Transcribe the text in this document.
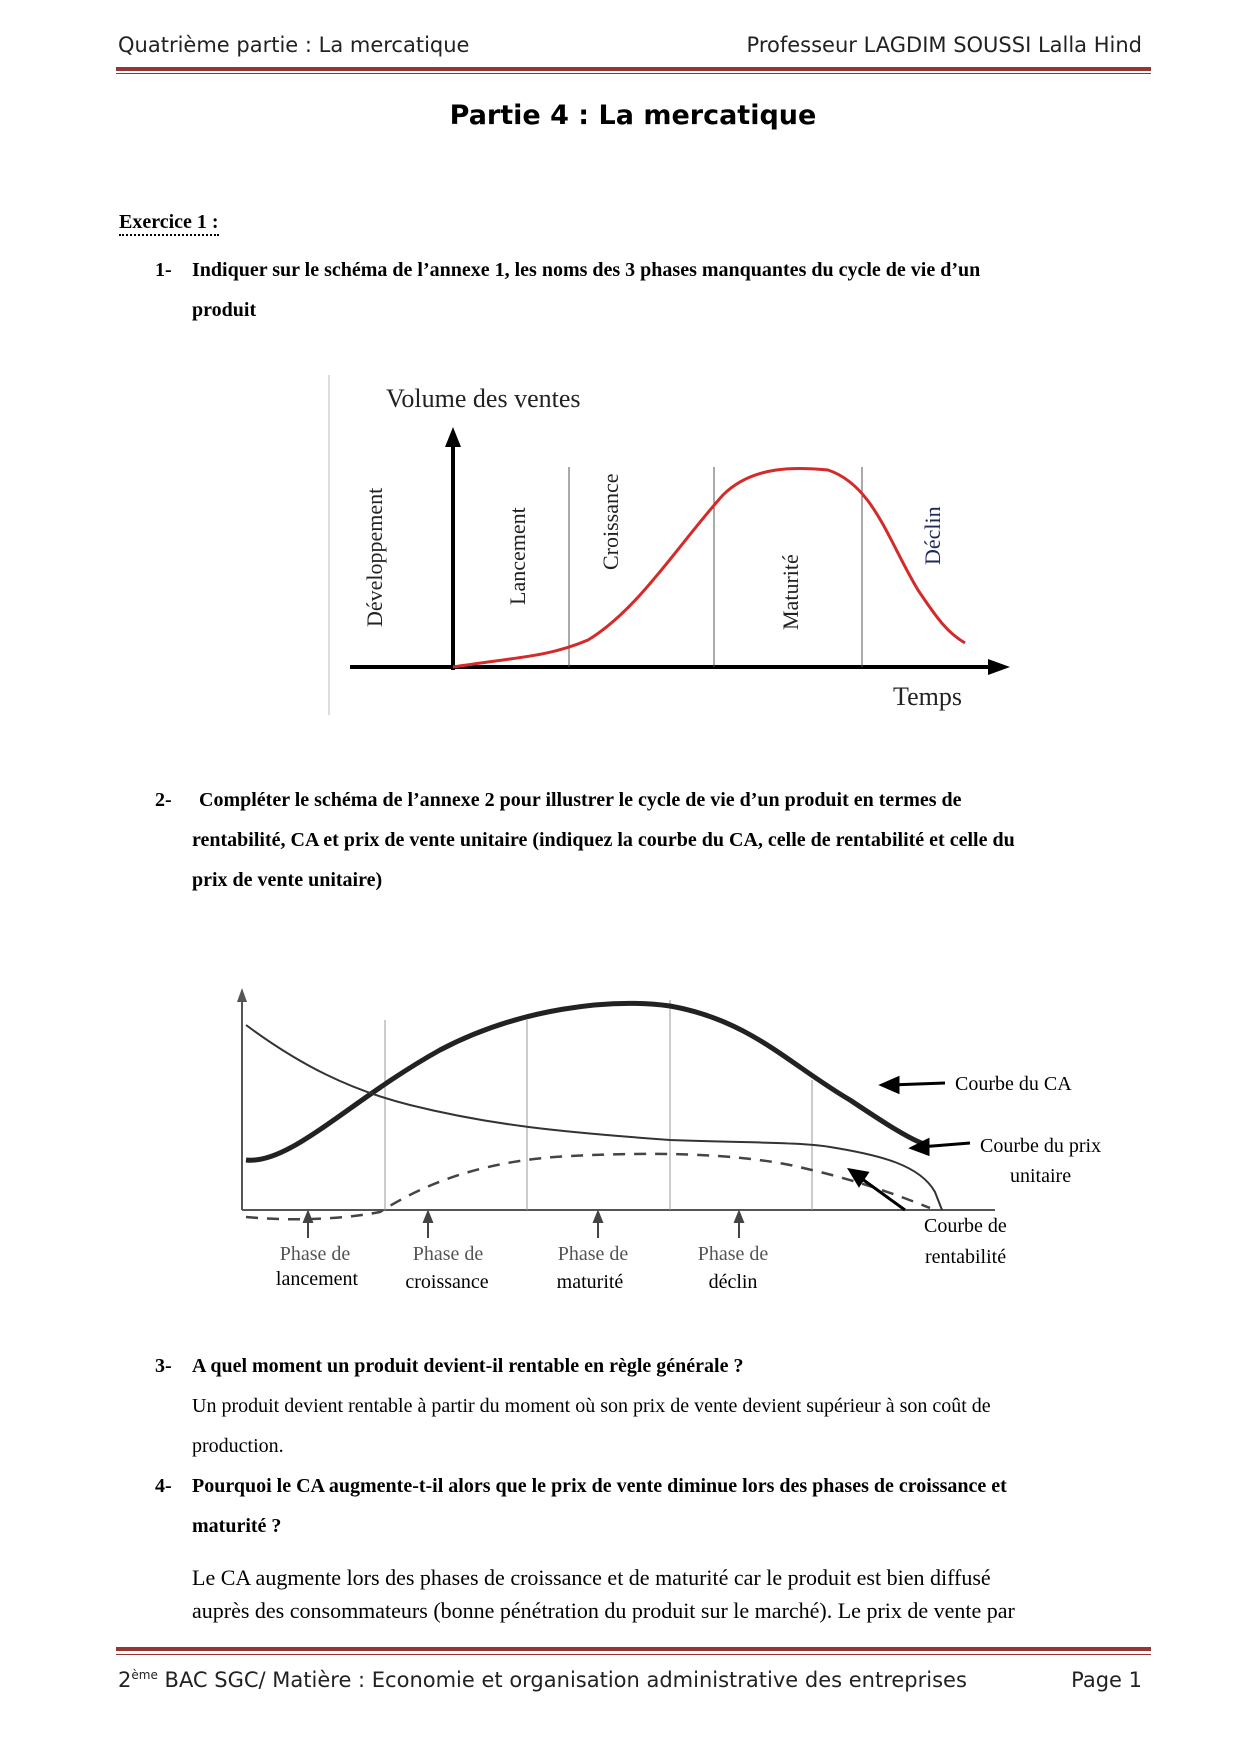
Quatrième partie : La mercatique	Professeur LAGDIM SOUSSI Lalla Hind
Partie 4 : La mercatique
Exercice 1 :
1- Indiquer sur le schéma de l’annexe 1, les noms des 3 phases manquantes du cycle de vie d’un
produit
Volume des ventes
Temps
Développement	Lancement	Croissance
Maturité
Déclin
2- Compléter le schéma de l’annexe 2 pour illustrer le cycle de vie d’un produit en termes de
rentabilité, CA et prix de vente unitaire (indiquez la courbe du CA, celle de rentabilité et celle du
prix de vente unitaire)
Phase de	Phase de	Phase de	Phase de
lancement croissance	maturité	déclin
Courbe du CA
Courbe du prix
unitaire
Courbe de
rentabilité
3- A quel moment un produit devient-il rentable en règle générale ?
Un produit devient rentable à partir du moment où son prix de vente devient supérieur à son coût de
production.
4- Pourquoi le CA augmente-t-il alors que le prix de vente diminue lors des phases de croissance et
maturité ?
Le CA augmente lors des phases de croissance et de maturité car le produit est bien diffusé
auprès des consommateurs (bonne pénétration du produit sur le marché). Le prix de vente par
2ème BAC SGC/ Matière : Economie et organisation administrative des entreprises	Page 1
